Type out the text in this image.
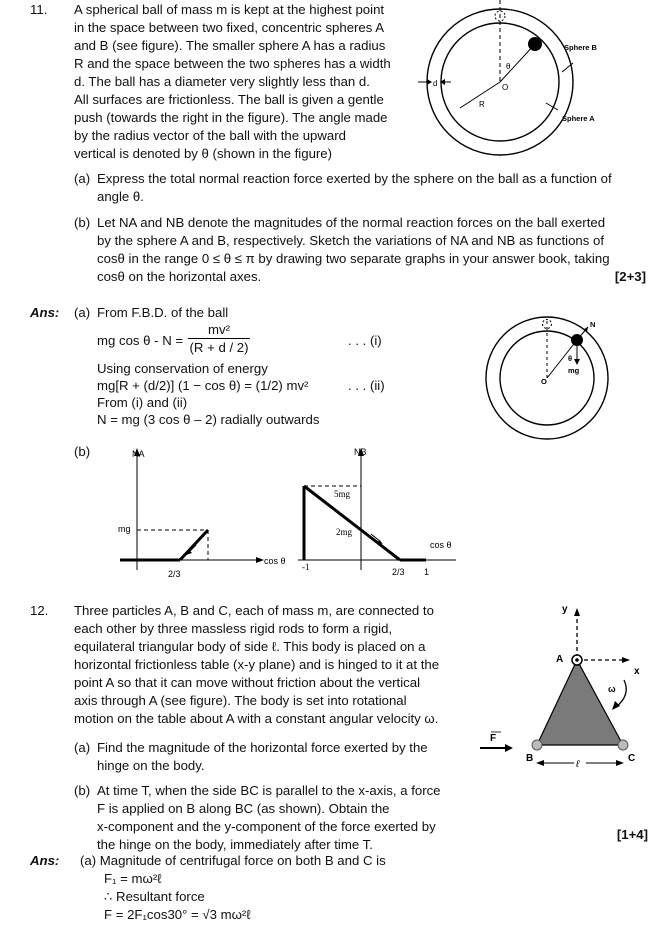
11. A spherical ball of mass m is kept at the highest point
in the space between two fixed, concentric spheres A
and B (see figure). The smaller sphere A has a radius
R and the space between the two spheres has a width
d. The ball has a diameter very slightly less than d.
All surfaces are frictionless. The ball is given a gentle
push (towards the right in the figure). The angle made
by the radius vector of the ball with the upward
vertical is denoted by θ (shown in the figure)
d
R
O
θ
Sphere B
Sphere A
(a) Express the total normal reaction force exerted by the sphere on the ball as a function of
angle θ.
(b) Let NA and NB denote the magnitudes of the normal reaction forces on the ball exerted
by the sphere A and B, respectively. Sketch the variations of NA and NB as functions of
cosθ in the range 0 ≤ θ ≤ π by drawing two separate graphs in your answer book, taking
cosθ on the horizontal axes.	[2+3]
Ans: (a) From F.B.D. of the ball
mg cos θ - N =
mv²
(R + d / 2)	. . . (i)
Using conservation of energy
mg[R + (d/2)] (1 − cos θ) = (1/2) mv²	. . . (ii)
From (i) and (ii)
N = mg (3 cos θ – 2) radially outwards
N
mg
O
θ
(b)	NA
mg
2/3
cos θ
NB
5mg
2mg
-1	2/3 1
cos θ
12. Three particles A, B and C, each of mass m, are connected to
each other by three massless rigid rods to form a rigid,
equilateral triangular body of side ℓ. This body is placed on a
horizontal frictionless table (x-y plane) and is hinged to it at the
point A so that it can move without friction about the vertical
axis through A (see figure). The body is set into rotational
motion on the table about A with a constant angular velocity ω.
(a) Find the magnitude of the horizontal force exerted by the
hinge on the body.
(b) At time T, when the side BC is parallel to the x-axis, a force
F is applied on B along BC (as shown). Obtain the
x-component and the y-component of the force exerted by
the hinge on the body, immediately after time T.
[1+4]
y
x
A
B	C
F
ℓ
ω
Ans: (a) Magnitude of centrifugal force on both B and C is
F₁ = mω²ℓ
∴ Resultant force
F = 2F₁cos30° = √3 mω²ℓ
